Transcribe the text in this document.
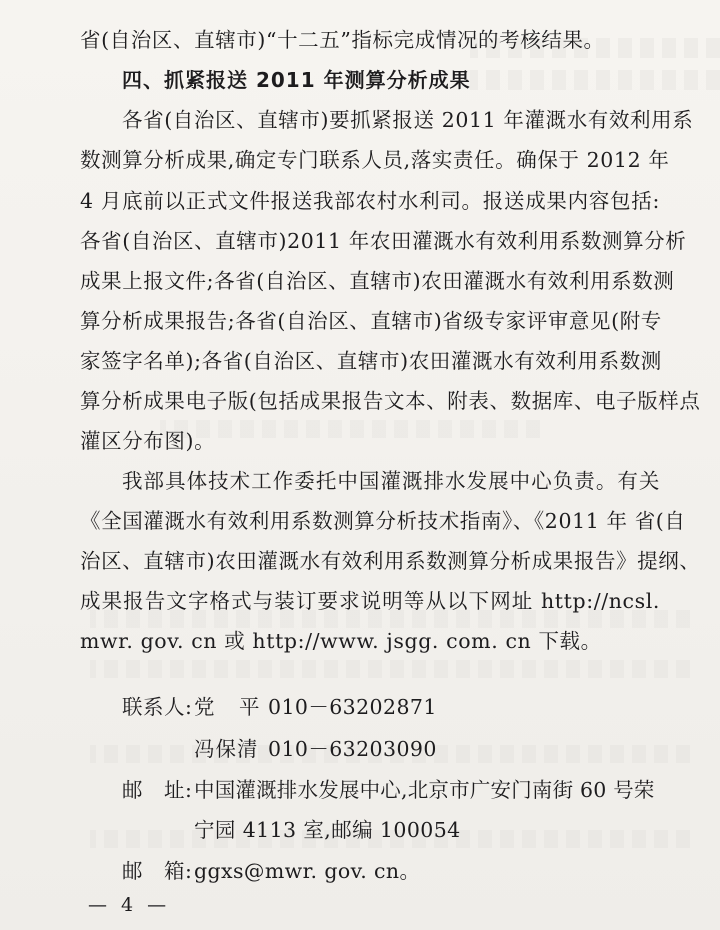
省(自治区、直辖市)“十二五”指标完成情况的考核结果。
四、抓紧报送 2011 年测算分析成果
各省(自治区、直辖市)要抓紧报送 2011 年灌溉水有效利用系
数测算分析成果,确定专门联系人员,落实责任。确保于 2012 年
4 月底前以正式文件报送我部农村水利司。报送成果内容包括:
各省(自治区、直辖市)2011 年农田灌溉水有效利用系数测算分析
成果上报文件;各省(自治区、直辖市)农田灌溉水有效利用系数测
算分析成果报告;各省(自治区、直辖市)省级专家评审意见(附专
家签字名单);各省(自治区、直辖市)农田灌溉水有效利用系数测
算分析成果电子版(包括成果报告文本、附表、数据库、电子版样点
灌区分布图)。
我部具体技术工作委托中国灌溉排水发展中心负责。有关
《全国灌溉水有效利用系数测算分析技术指南》、《2011 年 省(自
治区、直辖市)农田灌溉水有效利用系数测算分析成果报告》提纲、
成果报告文字格式与装订要求说明等从以下网址 http://ncsl.
mwr. gov. cn 或 http://www. jsgg. com. cn 下载。
联系人: 党　平 010－63202871
冯保清 010－63203090
邮　址: 中国灌溉排水发展中心,北京市广安门南街 60 号荣
宁园 4113 室,邮编 100054
邮　箱: ggxs@mwr. gov. cn。
— 4 —
